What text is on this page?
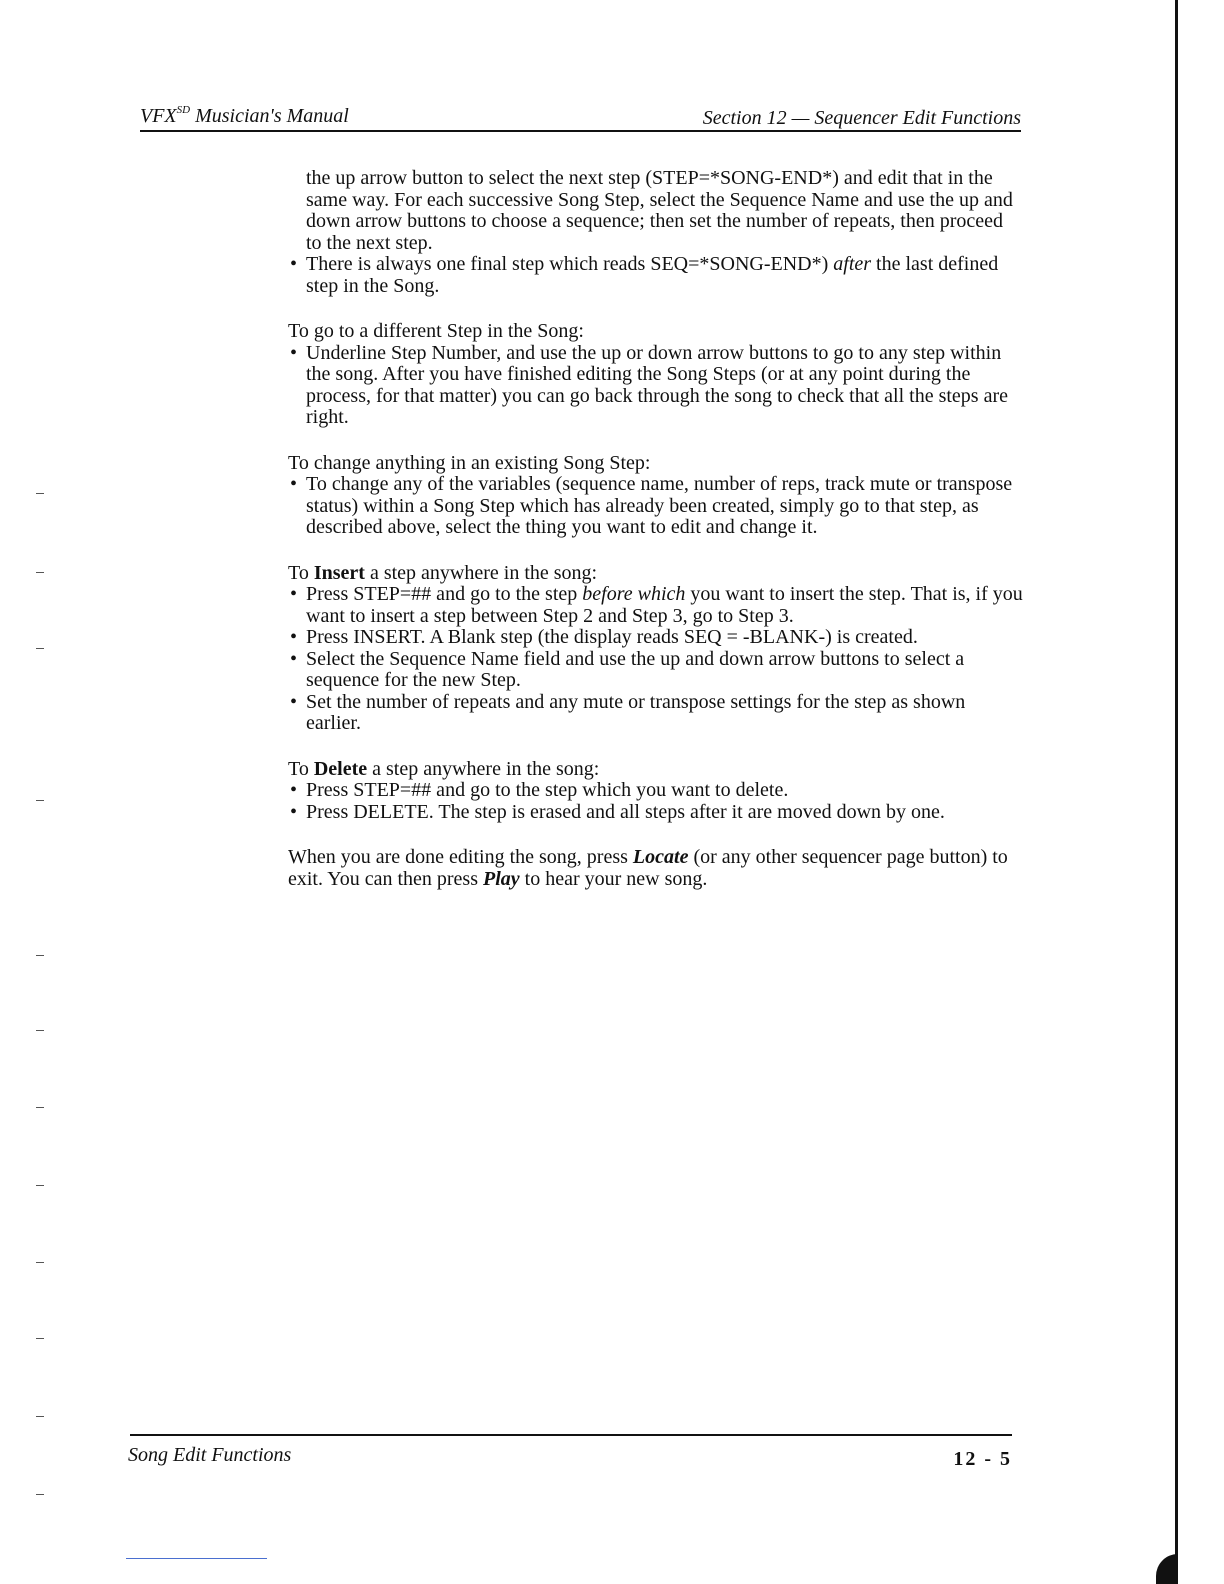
$VFX^{SD}$ Musician's Manual	Section 12 — Sequencer Edit Functions

the up arrow button to select the next step (STEP=*SONG-END*) and edit that in the same way. For each successive Song Step, select the Sequence Name and use the up and down arrow buttons to choose a sequence; then set the number of repeats, then proceed to the next step.

• There is always one final step which reads SEQ=*SONG-END*) after the last defined step in the Song.

To go to a different Step in the Song:

• Underline Step Number, and use the up or down arrow buttons to go to any step within the song. After you have finished editing the Song Steps (or at any point during the process, for that matter) you can go back through the song to check that all the steps are right.

To change anything in an existing Song Step:

• To change any of the variables (sequence name, number of reps, track mute or transpose status) within a Song Step which has already been created, simply go to that step, as described above, select the thing you want to edit and change it.

To Insert a step anywhere in the song:

• Press STEP=## and go to the step before which you want to insert the step. That is, if you want to insert a step between Step 2 and Step 3, go to Step 3.
• Press INSERT. A Blank step (the display reads SEQ = -BLANK-) is created.
• Select the Sequence Name field and use the up and down arrow buttons to select a sequence for the new Step.
• Set the number of repeats and any mute or transpose settings for the step as shown earlier.

To Delete a step anywhere in the song:

• Press STEP=## and go to the step which you want to delete.
• Press DELETE. The step is erased and all steps after it are moved down by one.

When you are done editing the song, press Locate (or any other sequencer page button) to exit. You can then press Play to hear your new song.

Song Edit Functions	12 - 5
